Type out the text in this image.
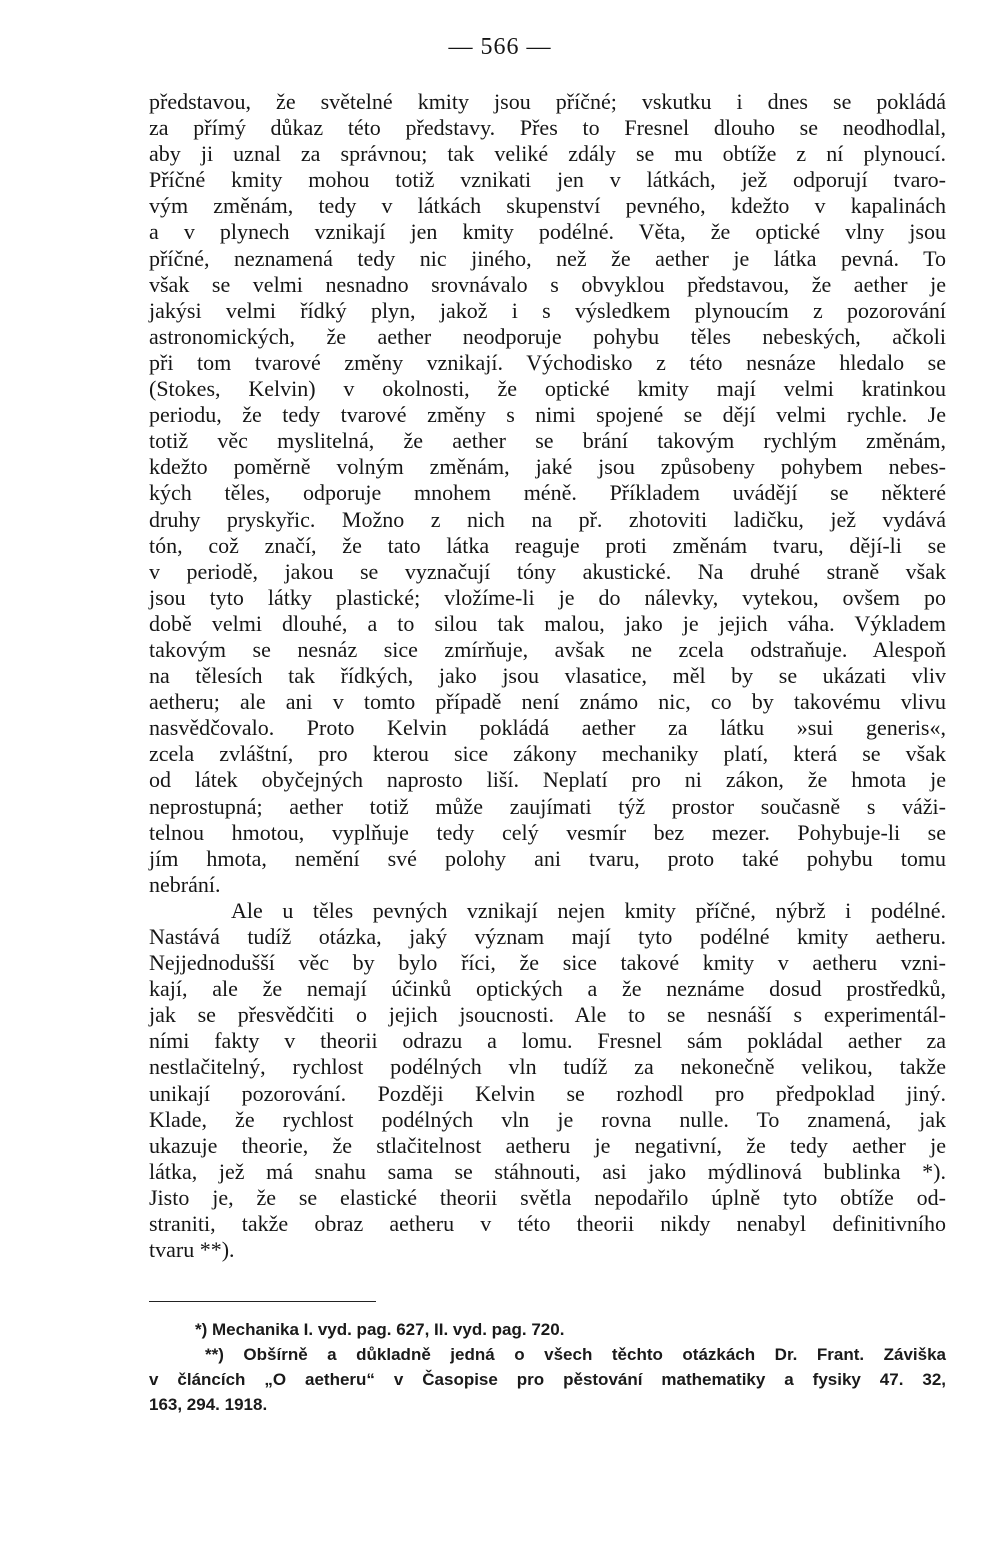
— 566 —
představou, že světelné kmity jsou příčné; vskutku i dnes se pokládá
za přímý důkaz této představy. Přes to Fresnel dlouho se neodhodlal,
aby ji uznal za správnou; tak veliké zdály se mu obtíže z ní plynoucí.
Příčné kmity mohou totiž vznikati jen v látkách, jež odporují tvaro-
vým změnám, tedy v látkách skupenství pevného, kdežto v kapalinách
a v plynech vznikají jen kmity podélné. Věta, že optické vlny jsou
příčné, neznamená tedy nic jiného, než že aether je látka pevná. To
však se velmi nesnadno srovnávalo s obvyklou představou, že aether je
jakýsi velmi řídký plyn, jakož i s výsledkem plynoucím z pozorování
astronomických, že aether neodporuje pohybu těles nebeských, ačkoli
při tom tvarové změny vznikají. Východisko z této nesnáze hledalo se
(Stokes, Kelvin) v okolnosti, že optické kmity mají velmi kratinkou
periodu, že tedy tvarové změny s nimi spojené se dějí velmi rychle. Je
totiž věc myslitelná, že aether se brání takovým rychlým změnám,
kdežto poměrně volným změnám, jaké jsou způsobeny pohybem nebes-
kých těles, odporuje mnohem méně. Příkladem uvádějí se některé
druhy pryskyřic. Možno z nich na př. zhotoviti ladičku, jež vydává
tón, což značí, že tato látka reaguje proti změnám tvaru, dějí-li se
v periodě, jakou se vyznačují tóny akustické. Na druhé straně však
jsou tyto látky plastické; vložíme-li je do nálevky, vytekou, ovšem po
době velmi dlouhé, a to silou tak malou, jako je jejich váha. Výkladem
takovým se nesnáz sice zmírňuje, avšak ne zcela odstraňuje. Alespoň
na tělesích tak řídkých, jako jsou vlasatice, měl by se ukázati vliv
aetheru; ale ani v tomto případě není známo nic, co by takovému vlivu
nasvědčovalo. Proto Kelvin pokládá aether za látku »sui generis«,
zcela zvláštní, pro kterou sice zákony mechaniky platí, která se však
od látek obyčejných naprosto liší. Neplatí pro ni zákon, že hmota je
neprostupná; aether totiž může zaujímati týž prostor současně s váži-
telnou hmotou, vyplňuje tedy celý vesmír bez mezer. Pohybuje-li se
jím hmota, nemění své polohy ani tvaru, proto také pohybu tomu
nebrání.
Ale u těles pevných vznikají nejen kmity příčné, nýbrž i podélné.
Nastává tudíž otázka, jaký význam mají tyto podélné kmity aetheru.
Nejjednodušší věc by bylo říci, že sice takové kmity v aetheru vzni-
kají, ale že nemají účinků optických a že neznáme dosud prostředků,
jak se přesvědčiti o jejich jsoucnosti. Ale to se nesnáší s experimentál-
ními fakty v theorii odrazu a lomu. Fresnel sám pokládal aether za
nestlačitelný, rychlost podélných vln tudíž za nekonečně velikou, takže
unikají pozorování. Později Kelvin se rozhodl pro předpoklad jiný.
Klade, že rychlost podélných vln je rovna nulle. To znamená, jak
ukazuje theorie, že stlačitelnost aetheru je negativní, že tedy aether je
látka, jež má snahu sama se stáhnouti, asi jako mýdlinová bublinka *).
Jisto je, že se elastické theorii světla nepodařilo úplně tyto obtíže od-
straniti, takže obraz aetheru v této theorii nikdy nenabyl definitivního
tvaru **).
*) Mechanika I. vyd. pag. 627, II. vyd. pag. 720.
**) Obšírně a důkladně jedná o všech těchto otázkách Dr. Frant. Záviška
v článcích „O aetheru“ v Časopise pro pěstování mathematiky a fysiky 47. 32,
163, 294. 1918.
